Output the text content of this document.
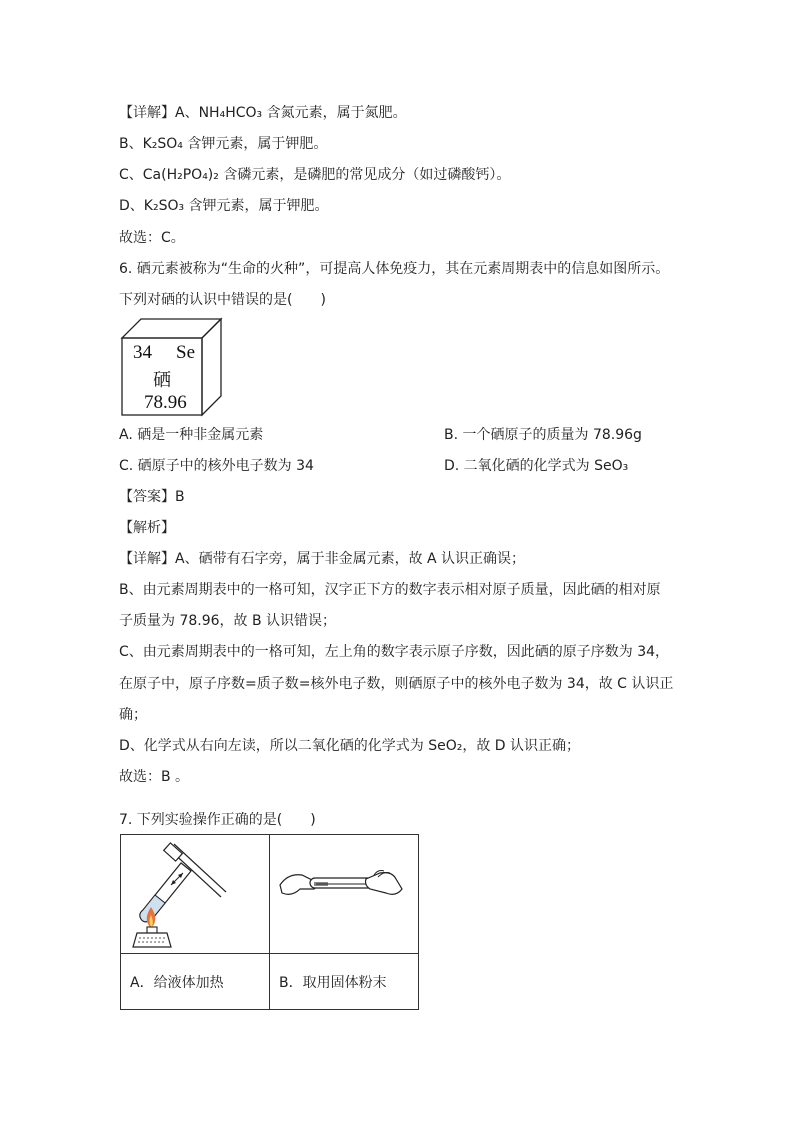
【详解】A、NH₄HCO₃ 含氮元素，属于氮肥。
B、K₂SO₄ 含钾元素，属于钾肥。
C、Ca(H₂PO₄)₂ 含磷元素，是磷肥的常见成分（如过磷酸钙）。
D、K₂SO₃ 含钾元素，属于钾肥。
故选：C。
6. 硒元素被称为“生命的火种”，可提高人体免疫力，其在元素周期表中的信息如图所示。
下列对硒的认识中错误的是(　　)
34 Se
硒
78.96
A. 硒是一种非金属元素	B. 一个硒原子的质量为 78.96g
C. 硒原子中的核外电子数为 34	D. 二氧化硒的化学式为 SeO₃
【答案】B
【解析】
【详解】A、硒带有石字旁，属于非金属元素，故 A 认识正确误；
B、由元素周期表中的一格可知，汉字正下方的数字表示相对原子质量，因此硒的相对原
子质量为 78.96，故 B 认识错误；
C、由元素周期表中的一格可知，左上角的数字表示原子序数，因此硒的原子序数为 34，
在原子中，原子序数=质子数=核外电子数，则硒原子中的核外电子数为 34，故 C 认识正
确；
D、化学式从右向左读，所以二氧化硒的化学式为 SeO₂，故 D 认识正确；
故选：B 。
7. 下列实验操作正确的是(　　)

A．给液体加热	B．取用固体粉末
